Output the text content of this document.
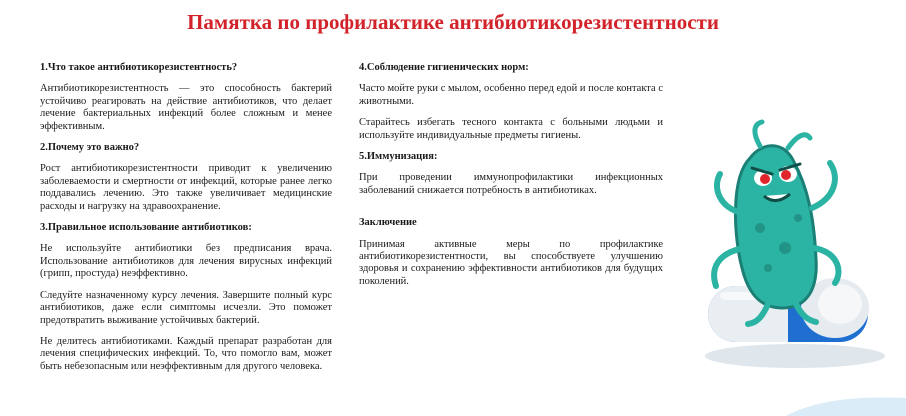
Памятка по профилактике антибиотикорезистентности

1.Что такое антибиотикорезистентность?

Антибиотикорезистентность — это способность бактерий устойчиво реагировать на действие антибиотиков, что делает лечение бактериальных инфекций более сложным и менее эффективным.

2.Почему это важно?

Рост антибиотикорезистентности приводит к увеличению заболеваемости и смертности от инфекций, которые ранее легко поддавались лечению. Это также увеличивает медицинские расходы и нагрузку на здравоохранение.

3.Правильное использование антибиотиков:

Не используйте антибиотики без предписания врача. Использование антибиотиков для лечения вирусных инфекций (грипп, простуда) неэффективно.

Следуйте назначенному курсу лечения. Завершите полный курс антибиотиков, даже если симптомы исчезли. Это поможет предотвратить выживание устойчивых бактерий.

Не делитесь антибиотиками. Каждый препарат разработан для лечения специфических инфекций. То, что помогло вам, может быть небезопасным или неэффективным для другого человека.

4.Соблюдение гигиенических норм:

Часто мойте руки с мылом, особенно перед едой и после контакта с животными.

Старайтесь избегать тесного контакта с больными людьми и используйте индивидуальные предметы гигиены.

5.Иммунизация:

При проведении иммунопрофилактики инфекционных заболеваний снижается потребность в антибиотиках.

Заключение

Принимая активные меры по профилактике антибиотикорезистентности, вы способствуете улучшению здоровья и сохранению эффективности антибиотиков для будущих поколений.
